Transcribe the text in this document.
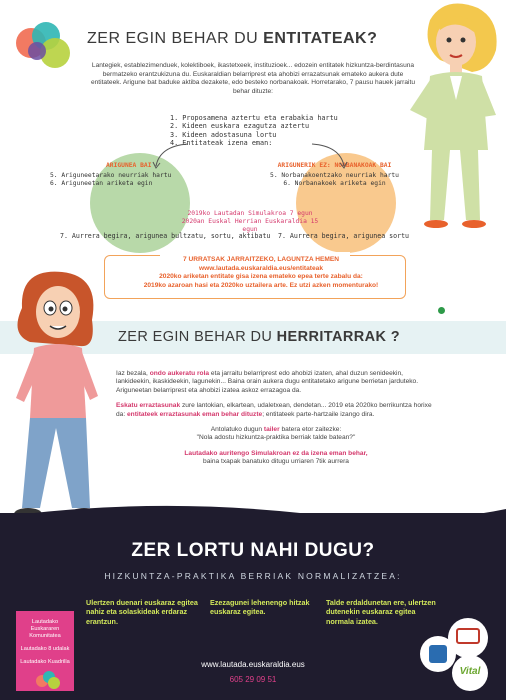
ZER EGIN BEHAR DU ENTITATEAK?
Lantegiek, establezimenduek, kolektiboek, ikastetxeek, instituzioek... edozein entitatek hizkuntza-berdintasuna bermatzeko erantzukizuna du. Euskaraldian belarriprest eta ahobizi errazatsunak emateko aukera dute entitateek. Arigune bat baduke aktiba dezakete, edo besteko norbanakoak. Horretarako, 7 pausu hauek jarraitu behar dituzte:
1. Proposamena aztertu eta erabakia hartu
2. Kideen euskara ezagutza aztertu
3. Kideen adostasuna lortu
4. Entitateak izena eman:
ARIGUNEA BAI
5. Ariguneetarako neurriak hartu
6. Ariguneetan ariketa egin
ARIGUNERIK EZ: NORBANAKOAK BAI
5. Norbanakoentzako neurriak hartu
6. Norbanakoek ariketa egin
2019ko Lautadan Simulakroa 7 egun
2020an Euskal Herrian Euskaraldia 15 egun
7. Aurrera begira, arigunea bultzatu, sortu, aktibatu 7. Aurrera begira, arigunea sortu
7 URRATSAK JARRAITZEKO, LAGUNTZA HEMEN
www.lautada.euskaraldia.eus/entitateak
2020ko ariketan entitate gisa izena emateko epea terte zabalu da:
2019ko azaroan hasi eta 2020ko uztailera arte. Ez utzi azken momenturako!
ZER EGIN BEHAR DU HERRITARRAK ?

Iaz bezala, ondo aukeratu rola eta jarraitu belarriprest edo ahobizi izaten, ahal duzun senideekin, lankideekin, ikaskideekin, lagunekin... Baina orain aukera dugu entitatetako arigune berrietan jarduteko. Ariguneetan belarriprest eta ahobizi izatea askoz errazagoa da.

Eskatu erraztasunak zure lantokian, elkartean, udaletxean, dendetan... 2019 eta 2020ko berrikuntza horixe da: entitateek erraztasunak eman behar dituzte; entitateek parte-hartzaile izango dira.

Antolatuko dugun tailer batera etor zaitezke:
"Nola adostu hizkuntza-praktika berriak talde batean?"

Lautadako auritengo Simulakroan ez da izena eman behar,
baina txapak banatuko ditugu urriaren 7tik aurrera

ZER LORTU NAHI DUGU?
HIZKUNTZA-PRAKTIKA BERRIAK NORMALIZATZEA:
Ulertzen duenari euskaraz egitea nahiz eta solaskideak erdaraz erantzun.
Ezezagunei lehenengo hitzak euskaraz egitea.
Talde erdaldunetan ere, ulertzen dutenekin euskaraz egitea normala izatea.
Lautadako Euskararen Komunitatea
Lautadako 8 udalak
Lautadako Kuadrilla	www.lautada.euskaraldia.eus
605 29 09 51
Vital
